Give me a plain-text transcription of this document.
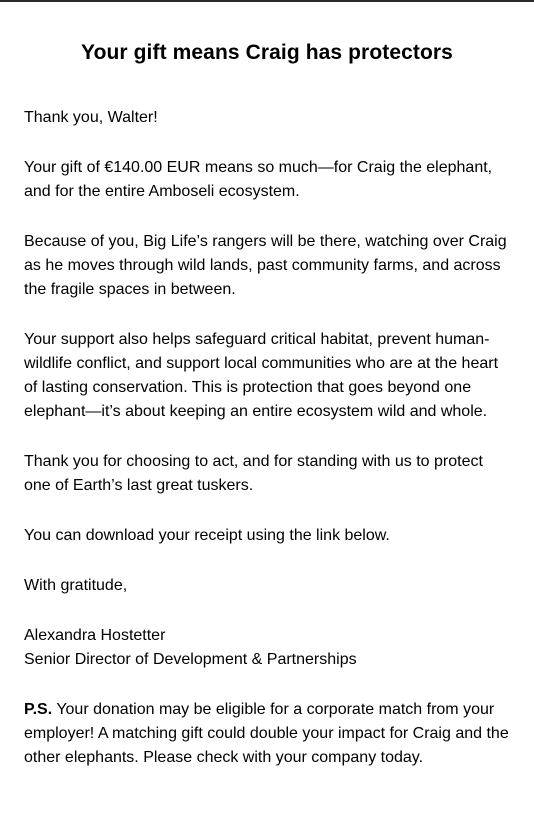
Your gift means Craig has protectors

Thank you, Walter!

Your gift of €140.00 EUR means so much—for Craig the elephant, and for the entire Amboseli ecosystem.

Because of you, Big Life’s rangers will be there, watching over Craig as he moves through wild lands, past community farms, and across the fragile spaces in between.

Your support also helps safeguard critical habitat, prevent human-wildlife conflict, and support local communities who are at the heart of lasting conservation. This is protection that goes beyond one elephant—it’s about keeping an entire ecosystem wild and whole.

Thank you for choosing to act, and for standing with us to protect one of Earth’s last great tuskers.

You can download your receipt using the link below.

With gratitude,

Alexandra Hostetter

Senior Director of Development & Partnerships

P.S. Your donation may be eligible for a corporate match from your employer! A matching gift could double your impact for Craig and the other elephants. Please check with your company today.
